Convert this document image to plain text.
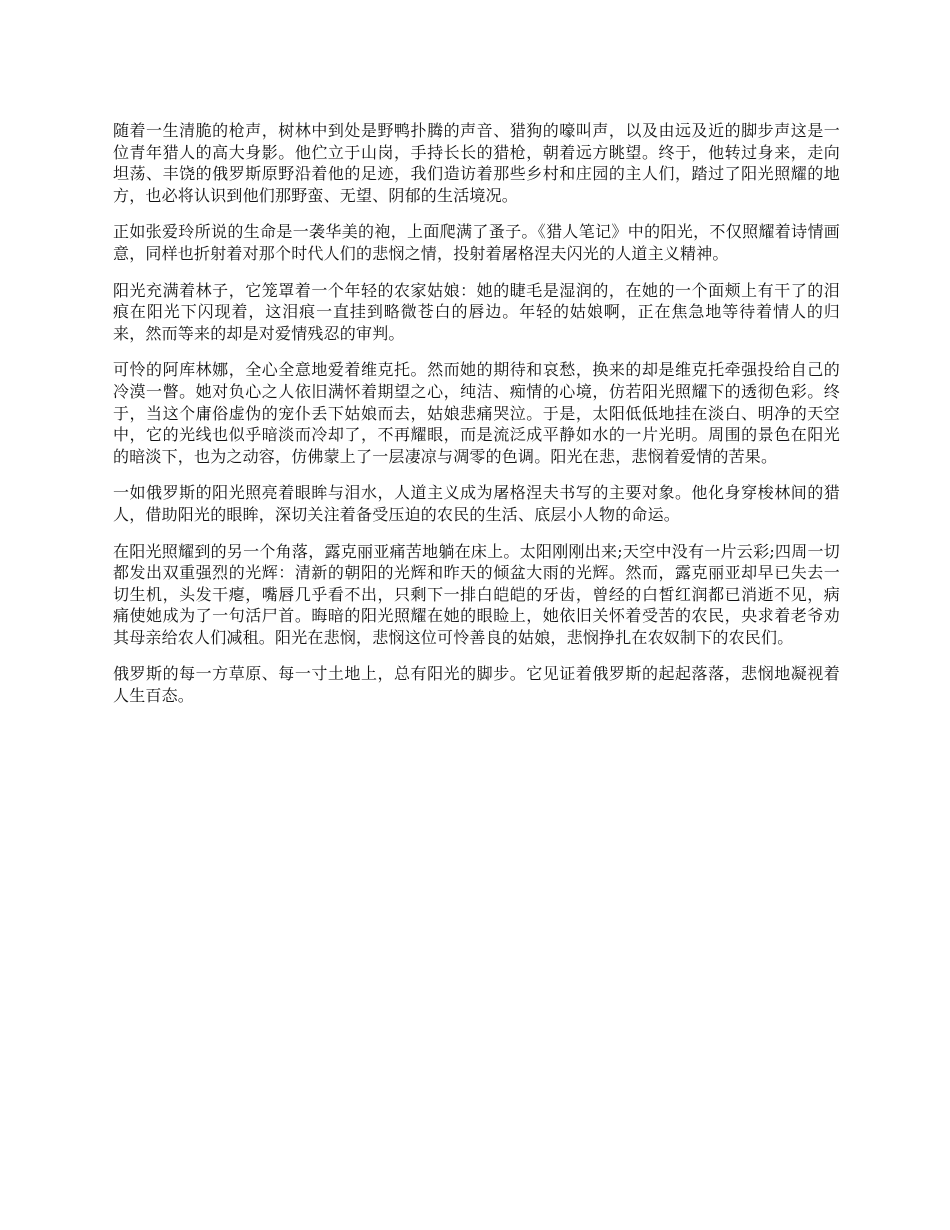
随着一生清脆的枪声，树林中到处是野鸭扑腾的声音、猎狗的嚎叫声，以及由远及近的脚步声这是一位青年猎人的高大身影。他伫立于山岗，手持长长的猎枪，朝着远方眺望。终于，他转过身来，走向坦荡、丰饶的俄罗斯原野沿着他的足迹，我们造访着那些乡村和庄园的主人们，踏过了阳光照耀的地方，也必将认识到他们那野蛮、无望、阴郁的生活境况。

正如张爱玲所说的生命是一袭华美的袍，上面爬满了蚤子。《猎人笔记》中的阳光，不仅照耀着诗情画意，同样也折射着对那个时代人们的悲悯之情，投射着屠格涅夫闪光的人道主义精神。

阳光充满着林子，它笼罩着一个年轻的农家姑娘：她的睫毛是湿润的，在她的一个面颊上有干了的泪痕在阳光下闪现着，这泪痕一直挂到略微苍白的唇边。年轻的姑娘啊，正在焦急地等待着情人的归来，然而等来的却是对爱情残忍的审判。

可怜的阿库林娜，全心全意地爱着维克托。然而她的期待和哀愁，换来的却是维克托牵强投给自己的冷漠一瞥。她对负心之人依旧满怀着期望之心，纯洁、痴情的心境，仿若阳光照耀下的透彻色彩。终于，当这个庸俗虚伪的宠仆丢下姑娘而去，姑娘悲痛哭泣。于是，太阳低低地挂在淡白、明净的天空中，它的光线也似乎暗淡而冷却了，不再耀眼，而是流泛成平静如水的一片光明。周围的景色在阳光的暗淡下，也为之动容，仿佛蒙上了一层凄凉与凋零的色调。阳光在悲，悲悯着爱情的苦果。

一如俄罗斯的阳光照亮着眼眸与泪水，人道主义成为屠格涅夫书写的主要对象。他化身穿梭林间的猎人，借助阳光的眼眸，深切关注着备受压迫的农民的生活、底层小人物的命运。

在阳光照耀到的另一个角落，露克丽亚痛苦地躺在床上。太阳刚刚出来;天空中没有一片云彩;四周一切都发出双重强烈的光辉：清新的朝阳的光辉和昨天的倾盆大雨的光辉。然而，露克丽亚却早已失去一切生机，头发干瘪，嘴唇几乎看不出，只剩下一排白皑皑的牙齿，曾经的白皙红润都已消逝不见，病痛使她成为了一句活尸首。晦暗的阳光照耀在她的眼睑上，她依旧关怀着受苦的农民，央求着老爷劝其母亲给农人们减租。阳光在悲悯，悲悯这位可怜善良的姑娘，悲悯挣扎在农奴制下的农民们。

俄罗斯的每一方草原、每一寸土地上，总有阳光的脚步。它见证着俄罗斯的起起落落，悲悯地凝视着人生百态。
